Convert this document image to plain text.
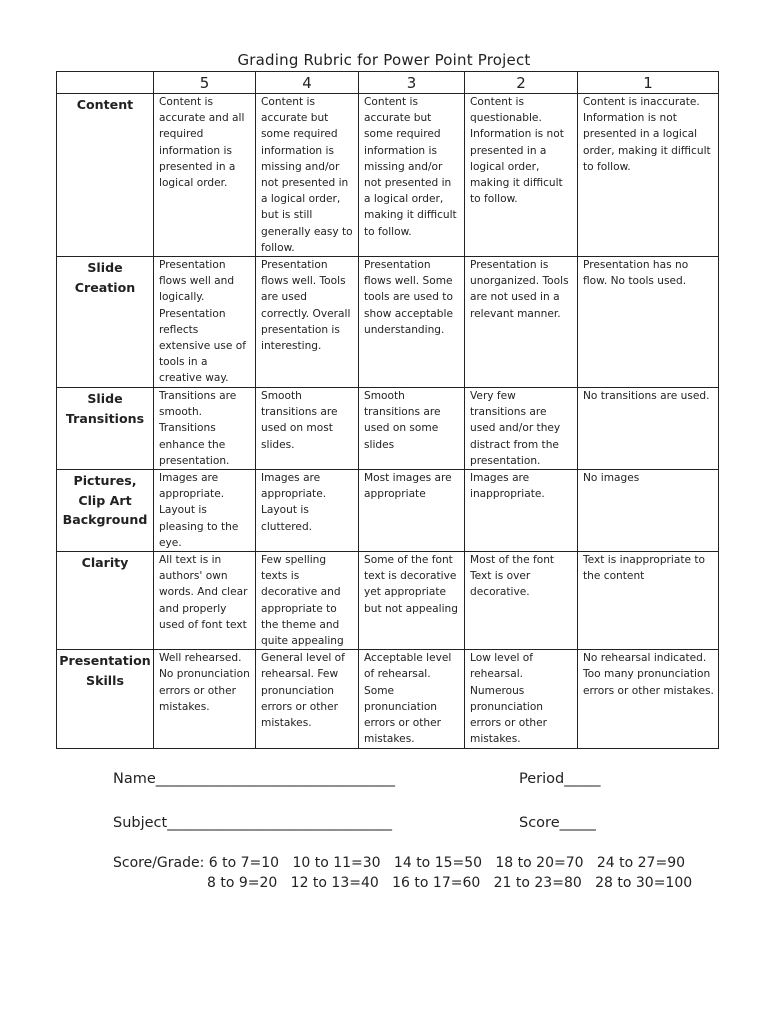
Grading Rubric for Power Point Project
	5	4	3	2	1

Content	Content is accurate and all required information is presented in a logical order.	Content is accurate but some required information is missing and/or not presented in a logical order, but is still generally easy to follow.	Content is accurate but some required information is missing and/or not presented in a logical order, making it difficult to follow.	Content is questionable. Information is not presented in a logical order, making it difficult to follow.	Content is inaccurate. Information is not presented in a logical order, making it difficult to follow.

Slide
Creation	Presentation flows well and logically. Presentation reflects extensive use of tools in a creative way.	Presentation flows well. Tools are used correctly. Overall presentation is interesting.	Presentation flows well. Some tools are used to show acceptable understanding.	Presentation is unorganized. Tools are not used in a relevant manner.	Presentation has no flow. No tools used.

Slide
Transitions	Transitions are smooth. Transitions enhance the presentation.	Smooth transitions are used on most slides.	Smooth transitions are used on some slides	Very few transitions are used and/or they distract from the presentation.	No transitions are used.

Pictures,
Clip Art
Background	Images are appropriate. Layout is pleasing to the eye.	Images are appropriate. Layout is cluttered.	Most images are appropriate	Images are inappropriate.	No images

Clarity	All text is in authors' own words. And clear and properly used of font text	Few spelling texts is decorative and appropriate to the theme and quite appealing	Some of the font text is decorative yet appropriate but not appealing	Most of the font Text is over decorative.	Text is inappropriate to the content

Presentation
Skills	Well rehearsed. No pronunciation errors or other mistakes.	General level of rehearsal. Few pronunciation errors or other mistakes.	Acceptable level of rehearsal. Some pronunciation errors or other mistakes.	Low level of rehearsal. Numerous pronunciation errors or other mistakes.	No rehearsal indicated. Too many pronunciation errors or other mistakes.
Name_________________________________	Period_____
Subject_______________________________	Score_____
Score/Grade: 6 to 7=10   10 to 11=30   14 to 15=50   18 to 20=70   24 to 27=90
8 to 9=20   12 to 13=40   16 to 17=60   21 to 23=80   28 to 30=100
